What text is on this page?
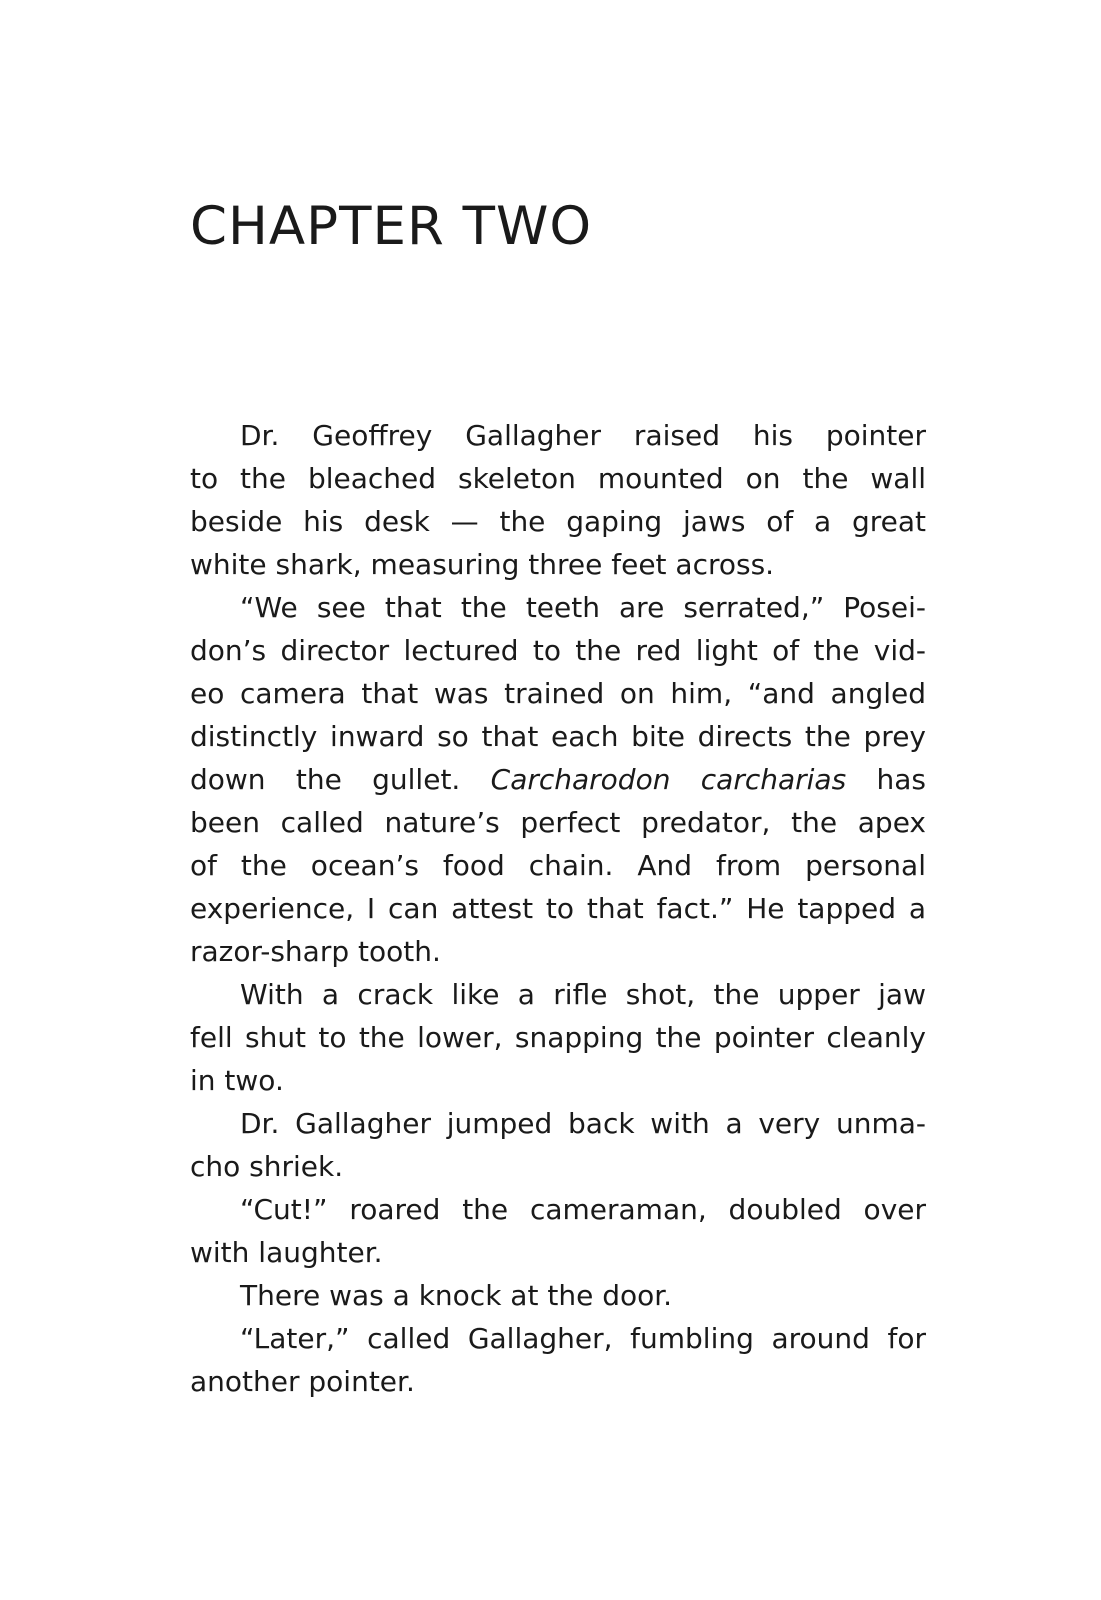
CHAPTER TWO

Dr. Geoffrey Gallagher raised his pointer
to the bleached skeleton mounted on the wall
beside his desk — the gaping jaws of a great
white shark, measuring three feet across.

“We see that the teeth are serrated,” Posei-
don’s director lectured to the red light of the vid-
eo camera that was trained on him, “and angled
distinctly inward so that each bite directs the prey
down the gullet. Carcharodon carcharias has
been called nature’s perfect predator, the apex
of the ocean’s food chain. And from personal
experience, I can attest to that fact.” He tapped a
razor-sharp tooth.

With a crack like a rifle shot, the upper jaw
fell shut to the lower, snapping the pointer cleanly
in two.

Dr. Gallagher jumped back with a very unma-
cho shriek.

“Cut!” roared the cameraman, doubled over
with laughter.

There was a knock at the door.

“Later,” called Gallagher, fumbling around for
another pointer.
